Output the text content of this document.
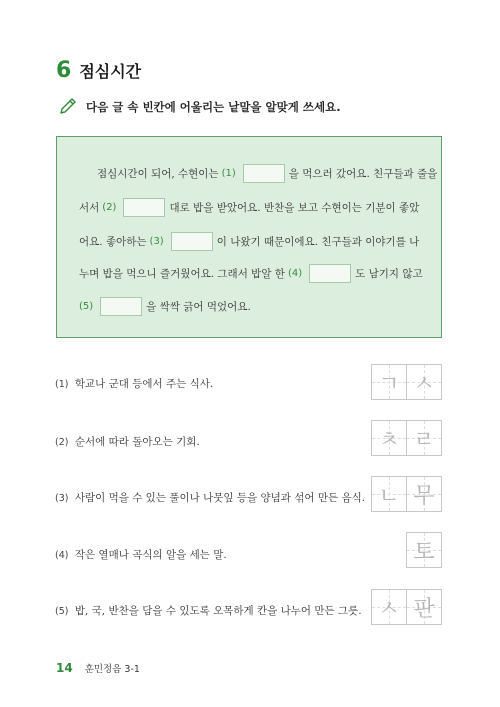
6 점심시간
다음 글 속 빈칸에 어울리는 낱말을 알맞게 쓰세요.
점심시간이 되어, 수현이는 (1)	을 먹으러 갔어요. 친구들과 줄을
서서 (2)	대로 밥을 받았어요. 반찬을 보고 수현이는 기분이 좋았
어요. 좋아하는 (3)	이 나왔기 때문이에요. 친구들과 이야기를 나
누며 밥을 먹으니 즐거웠어요. 그래서 밥알 한 (4)	도 남기지 않고
(5)	을 싹싹 긁어 먹었어요.
(1) 학교나 군대 등에서 주는 식사.	ㄱ ㅅ
(2) 순서에 따라 돌아오는 기회.	ㅊ ㄹ
(3) 사람이 먹을 수 있는 풀이나 나뭇잎 등을 양념과 섞어 만든 음식. ㄴ 무
(4) 작은 열매나 곡식의 알을 세는 말.	토
(5) 밥, 국, 반찬을 담을 수 있도록 오목하게 칸을 나누어 만든 그릇. ㅅ 판
14 훈민정음 3-1
